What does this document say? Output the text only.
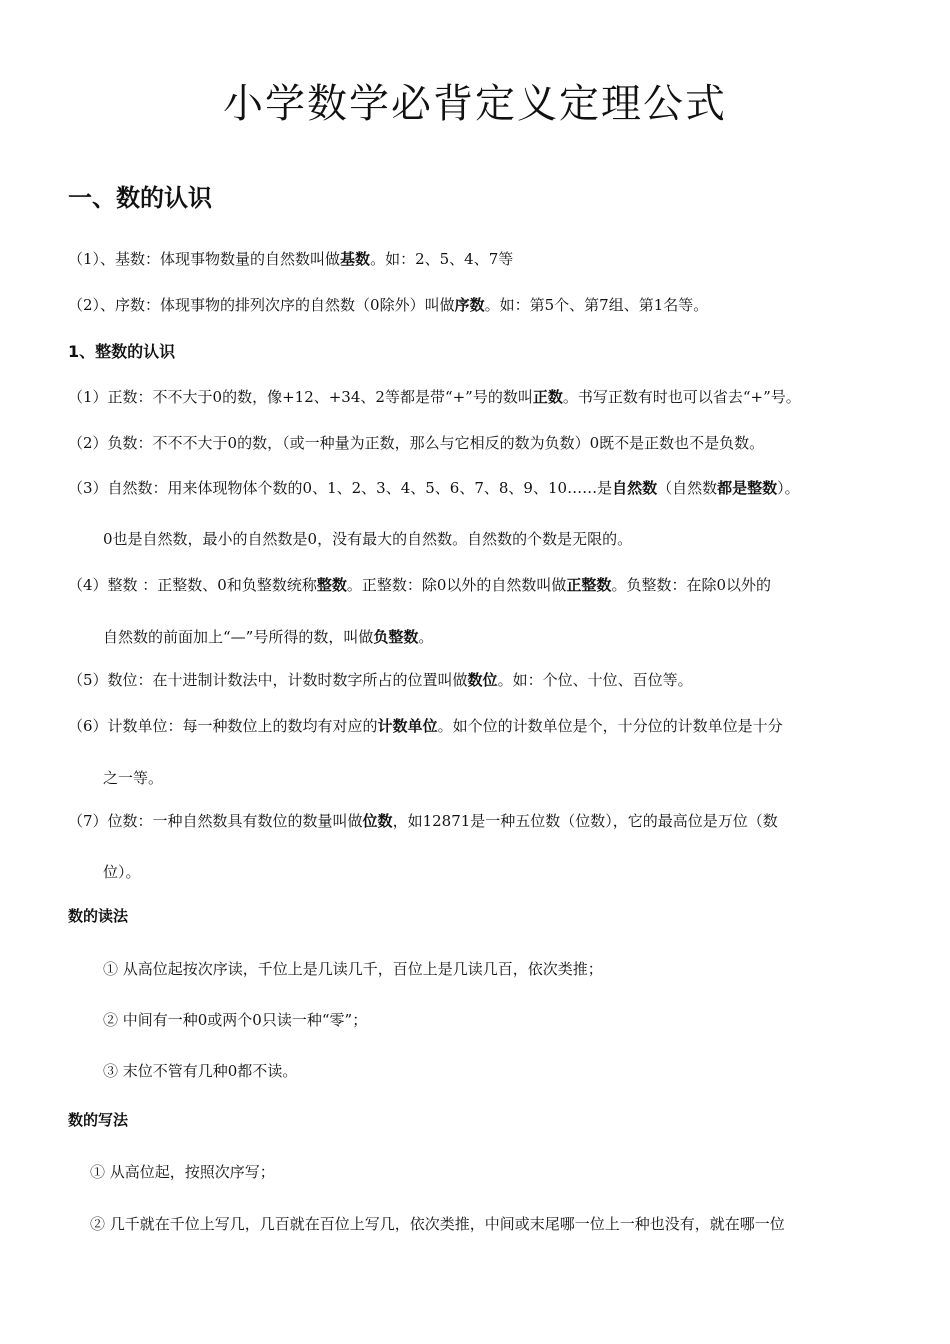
小学数学必背定义定理公式
一、数的认识
（1）、基数：体现事物数量的自然数叫做基数。如：2、5、4、7等
（2）、序数：体现事物的排列次序的自然数（0除外）叫做序数。如：第5个、第7组、第1名等。
1、整数的认识
（1）正数：不不大于0的数，像+12、+34、2等都是带“+”号的数叫正数。书写正数有时也可以省去“+”号。
（2）负数：不不不大于0的数，（或一种量为正数，那么与它相反的数为负数）0既不是正数也不是负数。
（3）自然数：用来体现物体个数的0、1、2、3、4、5、6、7、8、9、10……是自然数（自然数都是整数）。
0也是自然数，最小的自然数是0，没有最大的自然数。自然数的个数是无限的。
（4）整数 ：正整数、0和负整数统称整数。正整数：除0以外的自然数叫做正整数。负整数：在除0以外的
自然数的前面加上“—”号所得的数，叫做负整数。
（5）数位：在十进制计数法中，计数时数字所占的位置叫做数位。如：个位、十位、百位等。
（6）计数单位：每一种数位上的数均有对应的计数单位。如个位的计数单位是个，十分位的计数单位是十分
之一等。
（7）位数：一种自然数具有数位的数量叫做位数，如12871是一种五位数（位数），它的最高位是万位（数
位）。
数的读法
① 从高位起按次序读，千位上是几读几千，百位上是几读几百，依次类推；
② 中间有一种0或两个0只读一种“零”；
③ 末位不管有几种0都不读。
数的写法
① 从高位起，按照次序写；
② 几千就在千位上写几，几百就在百位上写几，依次类推，中间或末尾哪一位上一种也没有，就在哪一位
